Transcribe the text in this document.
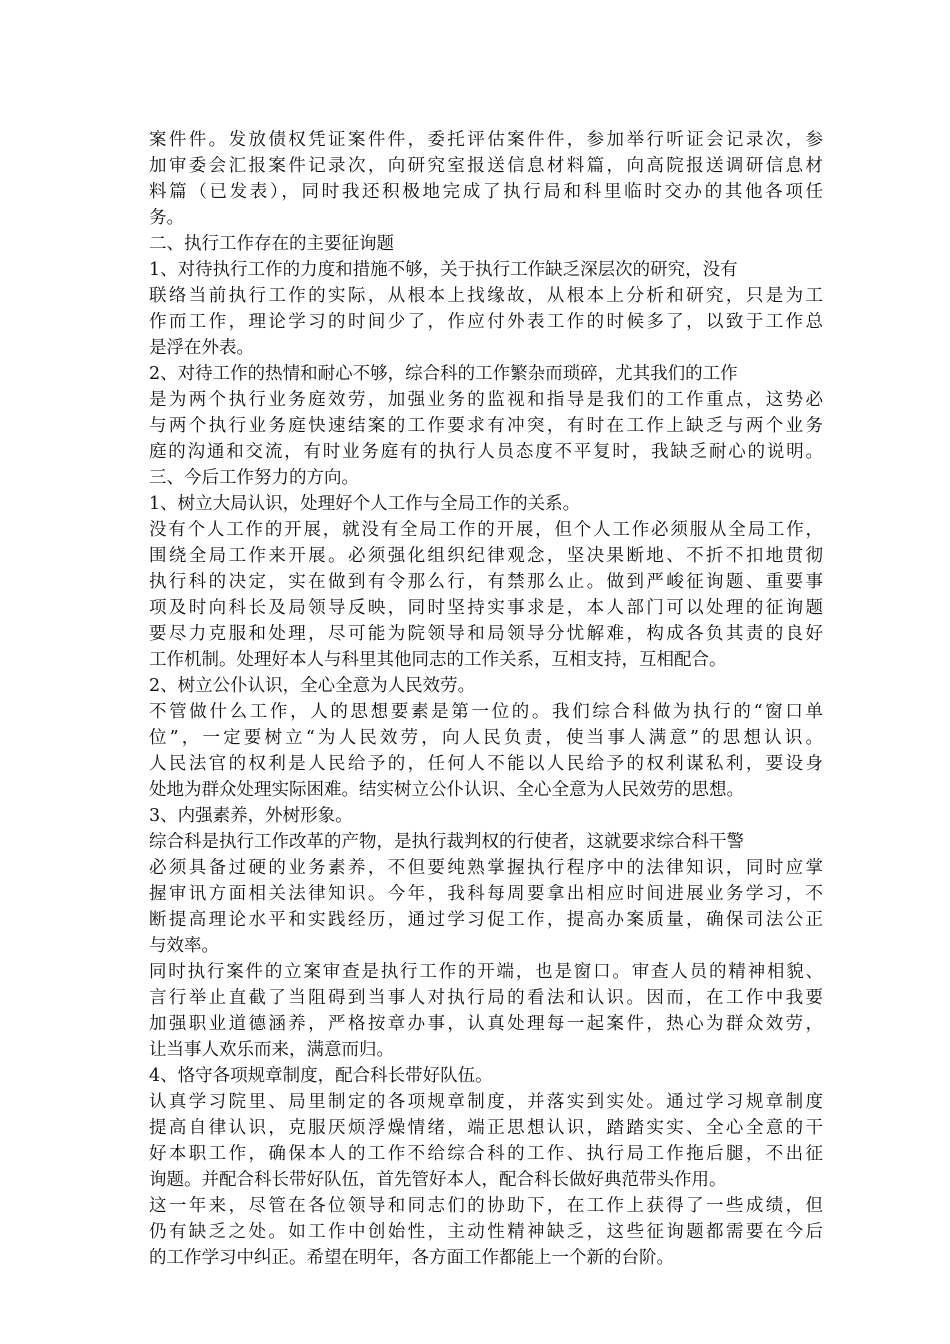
案件件。发放债权凭证案件件，委托评估案件件，参加举行听证会记录次，参
加审委会汇报案件记录次，向研究室报送信息材料篇，向高院报送调研信息材
料篇（已发表），同时我还积极地完成了执行局和科里临时交办的其他各项任
务。
二、执行工作存在的主要征询题
1、对待执行工作的力度和措施不够，关于执行工作缺乏深层次的研究，没有
联络当前执行工作的实际，从根本上找缘故，从根本上分析和研究，只是为工
作而工作，理论学习的时间少了，作应付外表工作的时候多了，以致于工作总
是浮在外表。
2、对待工作的热情和耐心不够，综合科的工作繁杂而琐碎，尤其我们的工作
是为两个执行业务庭效劳，加强业务的监视和指导是我们的工作重点，这势必
与两个执行业务庭快速结案的工作要求有冲突，有时在工作上缺乏与两个业务
庭的沟通和交流，有时业务庭有的执行人员态度不平复时，我缺乏耐心的说明。
三、今后工作努力的方向。
1、树立大局认识，处理好个人工作与全局工作的关系。
没有个人工作的开展，就没有全局工作的开展，但个人工作必须服从全局工作，
围绕全局工作来开展。必须强化组织纪律观念，坚决果断地、不折不扣地贯彻
执行科的决定，实在做到有令那么行，有禁那么止。做到严峻征询题、重要事
项及时向科长及局领导反映，同时坚持实事求是，本人部门可以处理的征询题
要尽力克服和处理，尽可能为院领导和局领导分忧解难，构成各负其责的良好
工作机制。处理好本人与科里其他同志的工作关系，互相支持，互相配合。
2、树立公仆认识，全心全意为人民效劳。
不管做什么工作，人的思想要素是第一位的。我们综合科做为执行的“窗口单
位”，一定要树立“为人民效劳，向人民负责，使当事人满意”的思想认识。
人民法官的权利是人民给予的，任何人不能以人民给予的权利谋私利，要设身
处地为群众处理实际困难。结实树立公仆认识、全心全意为人民效劳的思想。
3、内强素养，外树形象。
综合科是执行工作改革的产物，是执行裁判权的行使者，这就要求综合科干警
必须具备过硬的业务素养，不但要纯熟掌握执行程序中的法律知识，同时应掌
握审讯方面相关法律知识。今年，我科每周要拿出相应时间进展业务学习，不
断提高理论水平和实践经历，通过学习促工作，提高办案质量，确保司法公正
与效率。
同时执行案件的立案审查是执行工作的开端，也是窗口。审查人员的精神相貌、
言行举止直截了当阻碍到当事人对执行局的看法和认识。因而，在工作中我要
加强职业道德涵养，严格按章办事，认真处理每一起案件，热心为群众效劳，
让当事人欢乐而来，满意而归。
4、恪守各项规章制度，配合科长带好队伍。
认真学习院里、局里制定的各项规章制度，并落实到实处。通过学习规章制度
提高自律认识，克服厌烦浮燥情绪，端正思想认识，踏踏实实、全心全意的干
好本职工作，确保本人的工作不给综合科的工作、执行局工作拖后腿，不出征
询题。并配合科长带好队伍，首先管好本人，配合科长做好典范带头作用。
这一年来，尽管在各位领导和同志们的协助下，在工作上获得了一些成绩，但
仍有缺乏之处。如工作中创始性，主动性精神缺乏，这些征询题都需要在今后
的工作学习中纠正。希望在明年，各方面工作都能上一个新的台阶。
